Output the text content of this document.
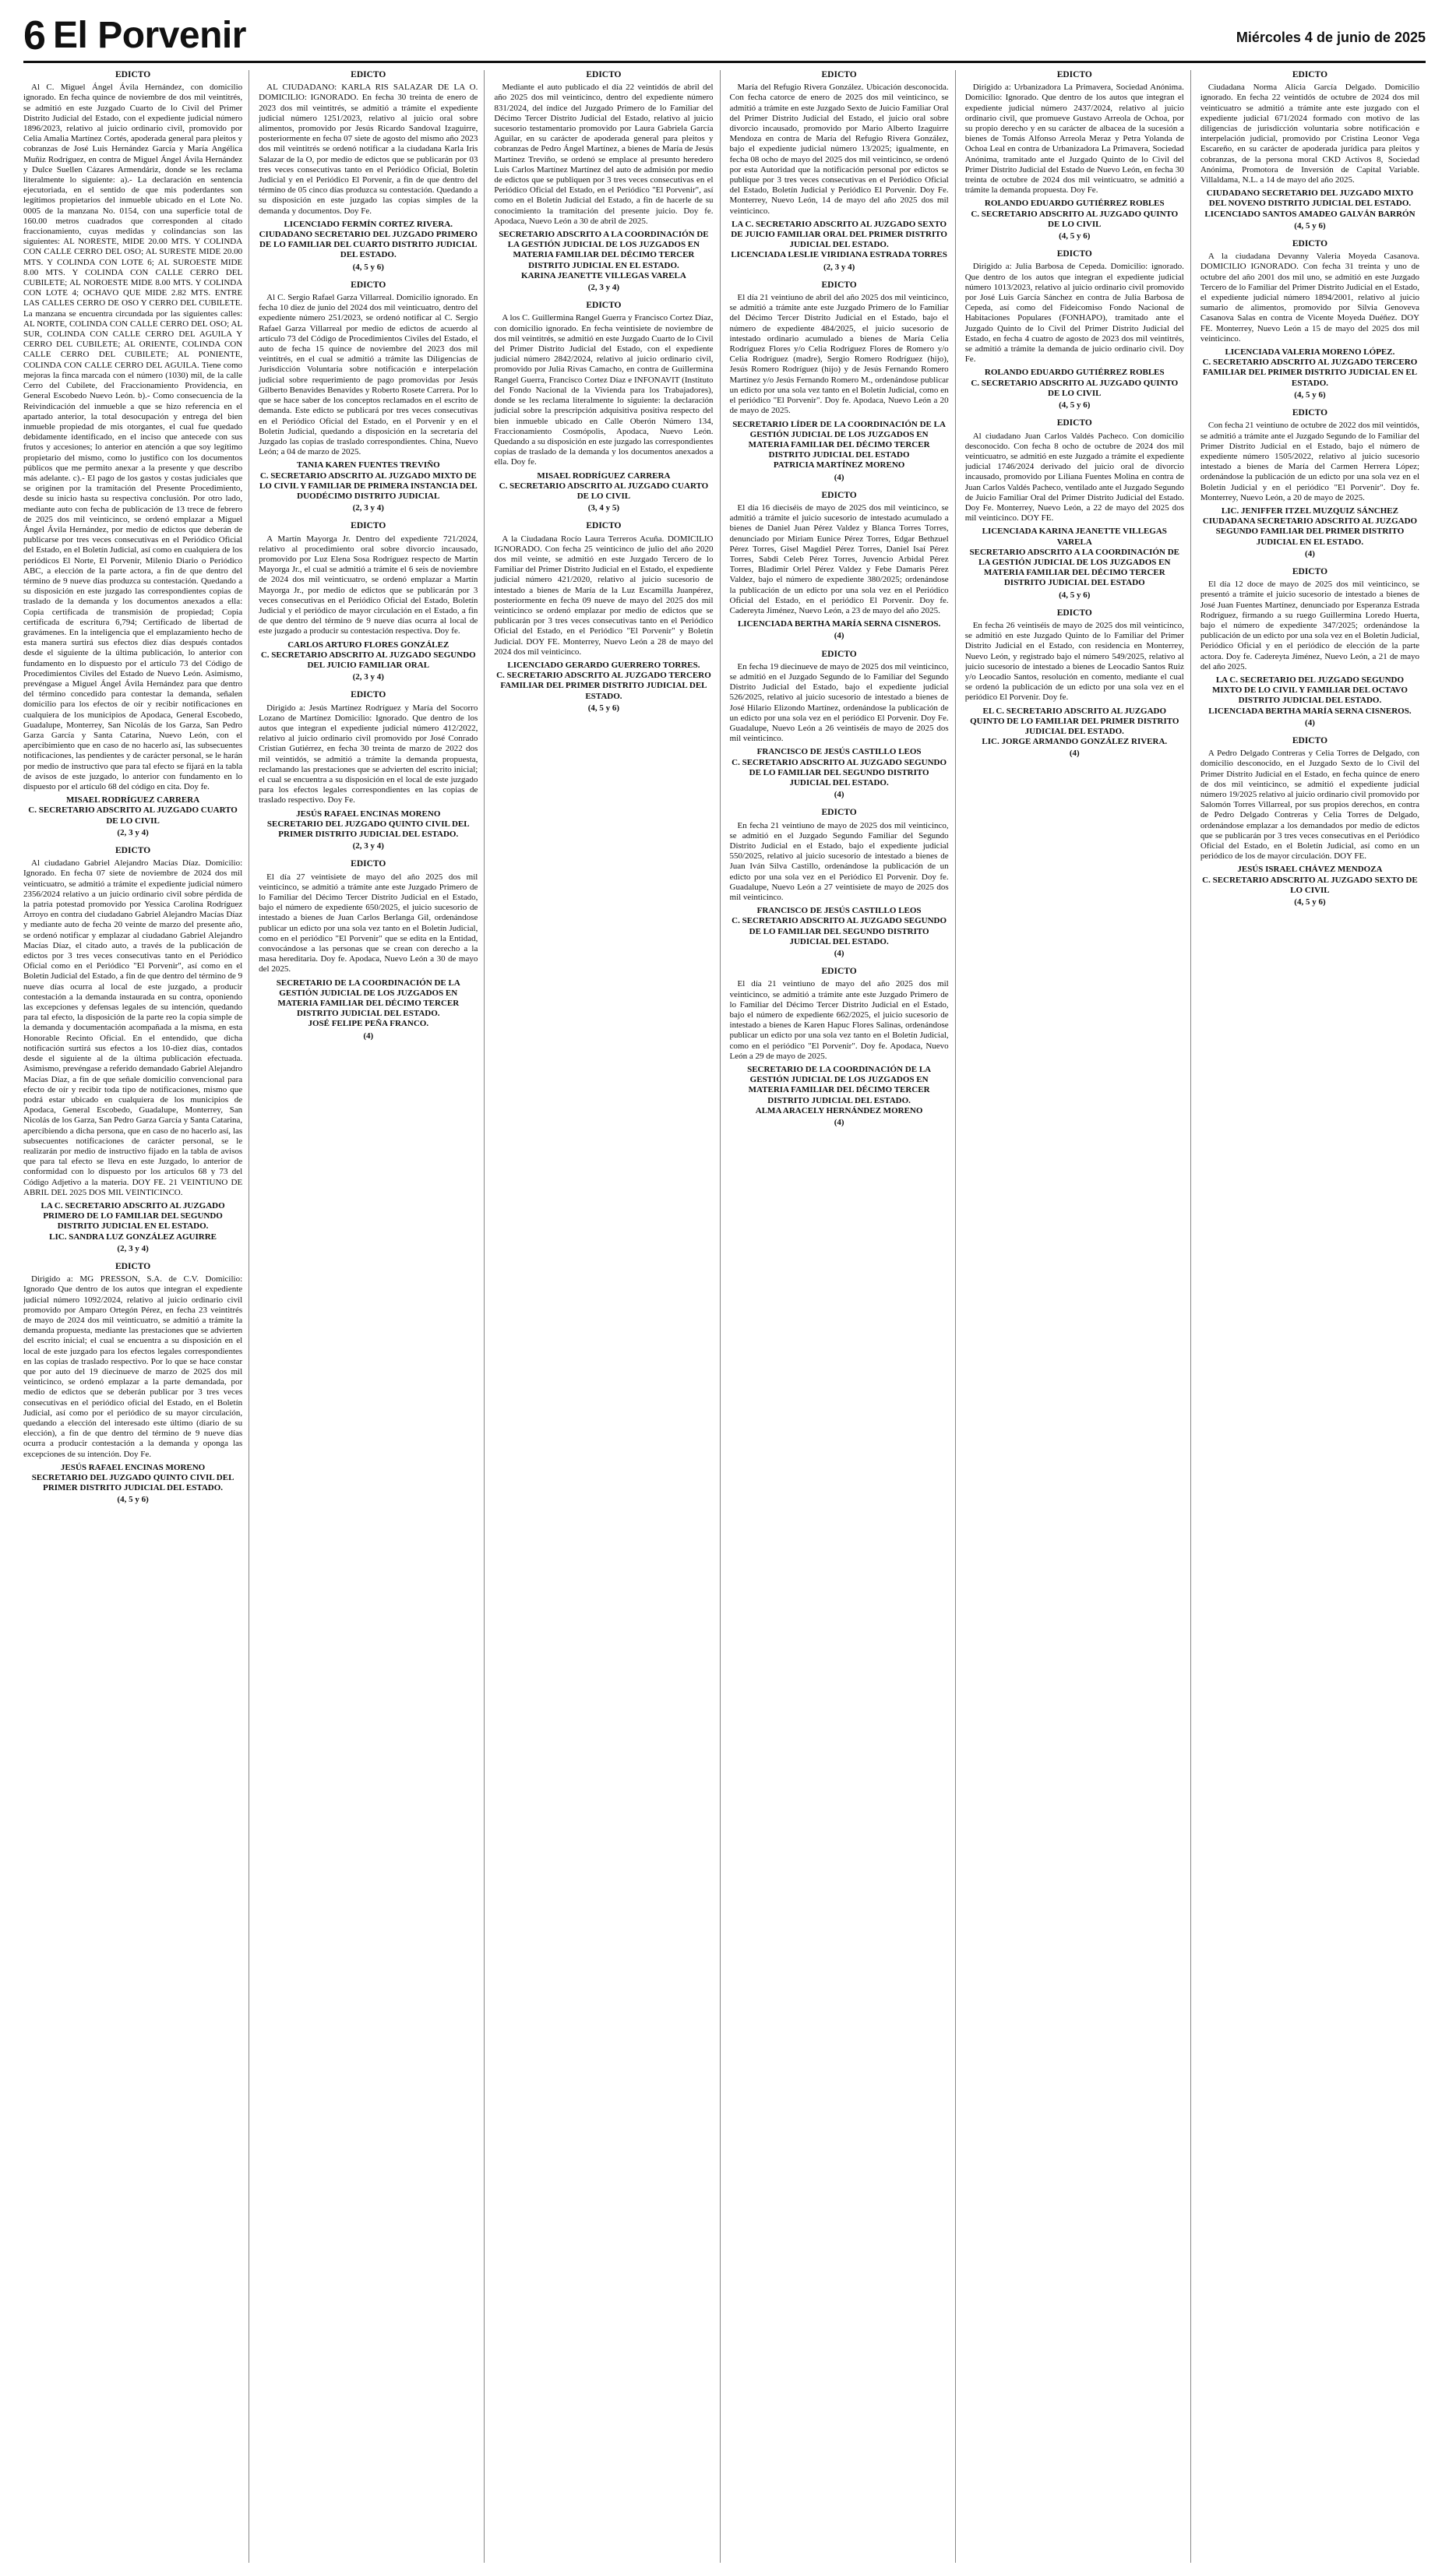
6 El Porvenir	Miércoles 4 de junio de 2025
EDICTO

Al C. Miguel Ángel Ávila Hernández, con domicilio ignorado. En fecha quince de noviembre de dos mil veintitrés, se admitió en este Juzgado Cuarto de lo Civil del Primer Distrito Judicial del Estado, con el expediente judicial número 1896/2023, relativo al juicio ordinario civil, promovido por Celia Amalia Martínez Cortés, apoderada general para pleitos y cobranzas de José Luis Hernández García y María Angélica Muñiz Rodríguez, en contra de Miguel Ángel Ávila Hernández y Dulce Suellen Cázares Armendáriz, donde se les reclama literalmente lo siguiente: a).- La declaración en sentencia ejecutoriada, en el sentido de que mis poderdantes son legítimos propietarios del inmueble ubicado en el Lote No. 0005 de la manzana No. 0154, con una superficie total de 160.00 metros cuadrados que corresponden al citado fraccionamiento, cuyas medidas y colindancias son las siguientes: AL NORESTE, MIDE 20.00 MTS. Y COLINDA CON CALLE CERRO DEL OSO; AL SURESTE MIDE 20.00 MTS. Y COLINDA CON LOTE 6; AL SUROESTE MIDE 8.00 MTS. Y COLINDA CON CALLE CERRO DEL CUBILETE; AL NOROESTE MIDE 8.00 MTS. Y COLINDA CON LOTE 4; OCHAVO QUE MIDE 2.82 MTS. ENTRE LAS CALLES CERRO DE OSO Y CERRO DEL CUBILETE. La manzana se encuentra circundada por las siguientes calles: AL NORTE, COLINDA CON CALLE CERRO DEL OSO; AL SUR, COLINDA CON CALLE CERRO DEL AGUILA Y CERRO DEL CUBILETE; AL ORIENTE, COLINDA CON CALLE CERRO DEL CUBILETE; AL PONIENTE, COLINDA CON CALLE CERRO DEL AGUILA. Tiene como mejoras la finca marcada con el número (1030) mil, de la calle Cerro del Cubilete, del Fraccionamiento Providencia, en General Escobedo Nuevo León. b).- Como consecuencia de la Reivindicación del inmueble a que se hizo referencia en el apartado anterior, la total desocupación y entrega del bien inmueble propiedad de mis otorgantes, el cual fue quedado debidamente identificado, en el inciso que antecede con sus frutos y accesiones; lo anterior en atención a que soy legítimo propietario del mismo, como lo justifico con los documentos públicos que me permito anexar a la presente y que describo más adelante. c).- El pago de los gastos y costas judiciales que se originen por la tramitación del Presente Procedimiento, desde su inicio hasta su respectiva conclusión. Por otro lado, mediante auto con fecha de publicación de 13 trece de febrero de 2025 dos mil veinticinco, se ordenó emplazar a Miguel Ángel Ávila Hernández, por medio de edictos que deberán de publicarse por tres veces consecutivas en el Periódico Oficial del Estado, en el Boletín Judicial, así como en cualquiera de los periódicos El Norte, El Porvenir, Milenio Diario o Periódico ABC, a elección de la parte actora, a fin de que dentro del término de 9 nueve días produzca su contestación. Quedando a su disposición en este juzgado las correspondientes copias de traslado de la demanda y los documentos anexados a ella: Copia certificada de transmisión de propiedad; Copia certificada de escritura 6,794; Certificado de libertad de gravámenes. En la inteligencia que el emplazamiento hecho de esta manera surtirá sus efectos diez días después contados desde el siguiente de la última publicación, lo anterior con fundamento en lo dispuesto por el artículo 73 del Código de Procedimientos Civiles del Estado de Nuevo León. Asimismo, prevéngase a Miguel Ángel Ávila Hernández para que dentro del término concedido para contestar la demanda, señalen domicilio para los efectos de oír y recibir notificaciones en cualquiera de los municipios de Apodaca, General Escobedo, Guadalupe, Monterrey, San Nicolás de los Garza, San Pedro Garza García y Santa Catarina, Nuevo León, con el apercibimiento que en caso de no hacerlo así, las subsecuentes notificaciones, las pendientes y de carácter personal, se le harán por medio de instructivo que para tal efecto se fijará en la tabla de avisos de este juzgado, lo anterior con fundamento en lo dispuesto por el artículo 68 del código en cita. Doy fe.

MISAEL RODRÍGUEZ CARRERA
C. SECRETARIO ADSCRITO AL JUZGADO CUARTO DE LO CIVIL

(2, 3 y 4)

EDICTO

Al ciudadano Gabriel Alejandro Macías Díaz. Domicilio: Ignorado. En fecha 07 siete de noviembre de 2024 dos mil veinticuatro, se admitió a trámite el expediente judicial número 2356/2024 relativo a un juicio ordinario civil sobre pérdida de la patria potestad promovido por Yessica Carolina Rodríguez Arroyo en contra del ciudadano Gabriel Alejandro Macías Díaz y mediante auto de fecha 20 veinte de marzo del presente año, se ordenó notificar y emplazar al ciudadano Gabriel Alejandro Macías Díaz, el citado auto, a través de la publicación de edictos por 3 tres veces consecutivas tanto en el Periódico Oficial como en el Periódico "El Porvenir", así como en el Boletín Judicial del Estado, a fin de que dentro del término de 9 nueve días ocurra al local de este juzgado, a producir contestación a la demanda instaurada en su contra, oponiendo las excepciones y defensas legales de su intención, quedando para tal efecto, la disposición de la parte reo la copia simple de la demanda y documentación acompañada a la misma, en esta Honorable Recinto Oficial. En el entendido, que dicha notificación surtirá sus efectos a los 10-diez días, contados desde el siguiente al de la última publicación efectuada. Asimismo, prevéngase a referido demandado Gabriel Alejandro Macías Díaz, a fin de que señale domicilio convencional para efecto de oír y recibir toda tipo de notificaciones, mismo que podrá estar ubicado en cualquiera de los municipios de Apodaca, General Escobedo, Guadalupe, Monterrey, San Nicolás de los Garza, San Pedro Garza García y Santa Catarina, apercibiendo a dicha persona, que en caso de no hacerlo así, las subsecuentes notificaciones de carácter personal, se le realizarán por medio de instructivo fijado en la tabla de avisos que para tal efecto se lleva en este Juzgado, lo anterior de conformidad con lo dispuesto por los artículos 68 y 73 del Código Adjetivo a la materia. DOY FE. 21 VEINTIUNO DE ABRIL DEL 2025 DOS MIL VEINTICINCO.

LA C. SECRETARIO ADSCRITO AL JUZGADO PRIMERO DE LO FAMILIAR DEL SEGUNDO DISTRITO JUDICIAL EN EL ESTADO.
LIC. SANDRA LUZ GONZÁLEZ AGUIRRE

(2, 3 y 4)

EDICTO

Dirigido a: MG PRESSON, S.A. de C.V. Domicilio: Ignorado Que dentro de los autos que integran el expediente judicial número 1092/2024, relativo al juicio ordinario civil promovido por Amparo Ortegón Pérez, en fecha 23 veintitrés de mayo de 2024 dos mil veinticuatro, se admitió a trámite la demanda propuesta, mediante las prestaciones que se advierten del escrito inicial; el cual se encuentra a su disposición en el local de este juzgado para los efectos legales correspondientes en las copias de traslado respectivo. Por lo que se hace constar que por auto del 19 diecinueve de marzo de 2025 dos mil veinticinco, se ordenó emplazar a la parte demandada, por medio de edictos que se deberán publicar por 3 tres veces consecutivas en el periódico oficial del Estado, en el Boletín Judicial, así como por el periódico de su mayor circulación, quedando a elección del interesado este último (diario de su elección), a fin de que dentro del término de 9 nueve días ocurra a producir contestación a la demanda y oponga las excepciones de su intención. Doy Fe.

JESÚS RAFAEL ENCINAS MORENO
SECRETARIO DEL JUZGADO QUINTO CIVIL DEL PRIMER DISTRITO JUDICIAL DEL ESTADO.

(4, 5 y 6)

EDICTO

AL CIUDADANO: KARLA RIS SALAZAR DE LA O. DOMICILIO: IGNORADO. En fecha 30 treinta de enero de 2023 dos mil veintitrés, se admitió a trámite el expediente judicial número 1251/2023, relativo al juicio oral sobre alimentos, promovido por Jesús Ricardo Sandoval Izaguirre, posteriormente en fecha 07 siete de agosto del mismo año 2023 dos mil veintitrés se ordenó notificar a la ciudadana Karla Iris Salazar de la O, por medio de edictos que se publicarán por 03 tres veces consecutivas tanto en el Periódico Oficial, Boletín Judicial y en el Periódico El Porvenir, a fin de que dentro del término de 05 cinco días produzca su contestación. Quedando a su disposición en este juzgado las copias simples de la demanda y documentos. Doy Fe.

LICENCIADO FERMÍN CORTEZ RIVERA.
CIUDADANO SECRETARIO DEL JUZGADO PRIMERO DE LO FAMILIAR DEL CUARTO DISTRITO JUDICIAL DEL ESTADO.

(4, 5 y 6)

EDICTO

Al C. Sergio Rafael Garza Villarreal. Domicilio ignorado. En fecha 10 diez de junio del 2024 dos mil veinticuatro, dentro del expediente número 251/2023, se ordenó notificar al C. Sergio Rafael Garza Villarreal por medio de edictos de acuerdo al artículo 73 del Código de Procedimientos Civiles del Estado, el auto de fecha 15 quince de noviembre del 2023 dos mil veintitrés, en el cual se admitió a trámite las Diligencias de Jurisdicción Voluntaria sobre notificación e interpelación judicial sobre requerimiento de pago promovidas por Jesús Gilberto Benavides Benavides y Roberto Rosete Carrera. Por lo que se hace saber de los conceptos reclamados en el escrito de demanda. Este edicto se publicará por tres veces consecutivas en el Periódico Oficial del Estado, en el Porvenir y en el Boletín Judicial, quedando a disposición en la secretaría del Juzgado las copias de traslado correspondientes. China, Nuevo León; a 04 de marzo de 2025.

TANIA KAREN FUENTES TREVIÑO
C. SECRETARIO ADSCRITO AL JUZGADO MIXTO DE LO CIVIL Y FAMILIAR DE PRIMERA INSTANCIA DEL DUODÉCIMO DISTRITO JUDICIAL

(2, 3 y 4)

EDICTO

A Martín Mayorga Jr. Dentro del expediente 721/2024, relativo al procedimiento oral sobre divorcio incausado, promovido por Luz Elena Sosa Rodríguez respecto de Martín Mayorga Jr., el cual se admitió a trámite el 6 seis de noviembre de 2024 dos mil veinticuatro, se ordenó emplazar a Martín Mayorga Jr., por medio de edictos que se publicarán por 3 veces consecutivas en el Periódico Oficial del Estado, Boletín Judicial y el periódico de mayor circulación en el Estado, a fin de que dentro del término de 9 nueve días ocurra al local de este juzgado a producir su contestación respectiva. Doy fe.

CARLOS ARTURO FLORES GONZÁLEZ
C. SECRETARIO ADSCRITO AL JUZGADO SEGUNDO DEL JUICIO FAMILIAR ORAL

(2, 3 y 4)

EDICTO

Dirigido a: Jesús Martínez Rodríguez y María del Socorro Lozano de Martínez Domicilio: Ignorado. Que dentro de los autos que integran el expediente judicial número 412/2022, relativo al juicio ordinario civil promovido por José Conrado Cristian Gutiérrez, en fecha 30 treinta de marzo de 2022 dos mil veintidós, se admitió a trámite la demanda propuesta, reclamando las prestaciones que se advierten del escrito inicial; el cual se encuentra a su disposición en el local de este juzgado para los efectos legales correspondientes en las copias de traslado respectivo. Doy Fe.

JESÚS RAFAEL ENCINAS MORENO
SECRETARIO DEL JUZGADO QUINTO CIVIL DEL PRIMER DISTRITO JUDICIAL DEL ESTADO.

(2, 3 y 4)

EDICTO

El día 27 veintisiete de mayo del año 2025 dos mil veinticinco, se admitió a trámite ante este Juzgado Primero de lo Familiar del Décimo Tercer Distrito Judicial en el Estado, bajo el número de expediente 650/2025, el juicio sucesorio de intestado a bienes de Juan Carlos Berlanga Gil, ordenándose publicar un edicto por una sola vez tanto en el Boletín Judicial, como en el periódico "El Porvenir" que se edita en la Entidad, convocándose a las personas que se crean con derecho a la masa hereditaria. Doy fe. Apodaca, Nuevo León a 30 de mayo del 2025.

SECRETARIO DE LA COORDINACIÓN DE LA GESTIÓN JUDICIAL DE LOS JUZGADOS EN MATERIA FAMILIAR DEL DÉCIMO TERCER DISTRITO JUDICIAL DEL ESTADO.
JOSÉ FELIPE PEÑA FRANCO.

(4)

EDICTO

Mediante el auto publicado el día 22 veintidós de abril del año 2025 dos mil veinticinco, dentro del expediente número 831/2024, del índice del Juzgado Primero de lo Familiar del Décimo Tercer Distrito Judicial del Estado, relativo al juicio sucesorio testamentario promovido por Laura Gabriela García Aguilar, en su carácter de apoderada general para pleitos y cobranzas de Pedro Ángel Martínez, a bienes de María de Jesús Martínez Treviño, se ordenó se emplace al presunto heredero Luis Carlos Martínez Martínez del auto de admisión por medio de edictos que se publiquen por 3 tres veces consecutivas en el Periódico Oficial del Estado, en el Periódico "El Porvenir", así como en el Boletín Judicial del Estado, a fin de hacerle de su conocimiento la tramitación del presente juicio. Doy fe. Apodaca, Nuevo León a 30 de abril de 2025.

SECRETARIO ADSCRITO A LA COORDINACIÓN DE LA GESTIÓN JUDICIAL DE LOS JUZGADOS EN MATERIA FAMILIAR DEL DÉCIMO TERCER DISTRITO JUDICIAL EN EL ESTADO.
KARINA JEANETTE VILLEGAS VARELA

(2, 3 y 4)

EDICTO

A los C. Guillermina Rangel Guerra y Francisco Cortez Díaz, con domicilio ignorado. En fecha veintisiete de noviembre de dos mil veintitrés, se admitió en este Juzgado Cuarto de lo Civil del Primer Distrito Judicial del Estado, con el expediente judicial número 2842/2024, relativo al juicio ordinario civil, promovido por Julia Rivas Camacho, en contra de Guillermina Rangel Guerra, Francisco Cortez Díaz e INFONAVIT (Instituto del Fondo Nacional de la Vivienda para los Trabajadores), donde se les reclama literalmente lo siguiente: la declaración judicial sobre la prescripción adquisitiva positiva respecto del bien inmueble ubicado en Calle Oberón Número 134, Fraccionamiento Cosmópolis, Apodaca, Nuevo León. Quedando a su disposición en este juzgado las correspondientes copias de traslado de la demanda y los documentos anexados a ella. Doy fe.

MISAEL RODRÍGUEZ CARRERA
C. SECRETARIO ADSCRITO AL JUZGADO CUARTO DE LO CIVIL

(3, 4 y 5)

EDICTO

A la Ciudadana Rocío Laura Terreros Acuña. DOMICILIO IGNORADO. Con fecha 25 veinticinco de julio del año 2020 dos mil veinte, se admitió en este Juzgado Tercero de lo Familiar del Primer Distrito Judicial en el Estado, el expediente judicial número 421/2020, relativo al juicio sucesorio de intestado a bienes de María de la Luz Escamilla Juanpérez, posteriormente en fecha 09 nueve de mayo del 2025 dos mil veinticinco se ordenó emplazar por medio de edictos que se publicarán por 3 tres veces consecutivas tanto en el Periódico Oficial del Estado, en el Periódico "El Porvenir" y Boletín Judicial. DOY FE. Monterrey, Nuevo León a 28 de mayo del 2024 dos mil veinticinco.

LICENCIADO GERARDO GUERRERO TORRES.
C. SECRETARIO ADSCRITO AL JUZGADO TERCERO FAMILIAR DEL PRIMER DISTRITO JUDICIAL DEL ESTADO.

(4, 5 y 6)

EDICTO

María del Refugio Rivera González. Ubicación desconocida. Con fecha catorce de enero de 2025 dos mil veinticinco, se admitió a trámite en este Juzgado Sexto de Juicio Familiar Oral del Primer Distrito Judicial del Estado, el juicio oral sobre divorcio incausado, promovido por Mario Alberto Izaguirre Mendoza en contra de María del Refugio Rivera González, bajo el expediente judicial número 13/2025; igualmente, en fecha 08 ocho de mayo del 2025 dos mil veinticinco, se ordenó por esta Autoridad que la notificación personal por edictos se publique por 3 tres veces consecutivas en el Periódico Oficial del Estado, Boletín Judicial y Periódico El Porvenir. Doy Fe. Monterrey, Nuevo León, 14 de mayo del año 2025 dos mil veinticinco.

LA C. SECRETARIO ADSCRITO AL JUZGADO SEXTO DE JUICIO FAMILIAR ORAL DEL PRIMER DISTRITO JUDICIAL DEL ESTADO.
LICENCIADA LESLIE VIRIDIANA ESTRADA TORRES

(2, 3 y 4)

EDICTO

El día 21 veintiuno de abril del año 2025 dos mil veinticinco, se admitió a trámite ante este Juzgado Primero de lo Familiar del Décimo Tercer Distrito Judicial en el Estado, bajo el número de expediente 484/2025, el juicio sucesorio de intestado ordinario acumulado a bienes de María Celia Rodríguez Flores y/o Celia Rodríguez Flores de Romero y/o Celia Rodríguez (madre), Sergio Romero Rodríguez (hijo), Jesús Romero Rodríguez (hijo) y de Jesús Fernando Romero Martínez y/o Jesús Fernando Romero M., ordenándose publicar un edicto por una sola vez tanto en el Boletín Judicial, como en el periódico "El Porvenir". Doy fe. Apodaca, Nuevo León a 20 de mayo de 2025.

SECRETARIO LÍDER DE LA COORDINACIÓN DE LA GESTIÓN JUDICIAL DE LOS JUZGADOS EN MATERIA FAMILIAR DEL DÉCIMO TERCER DISTRITO JUDICIAL DEL ESTADO
PATRICIA MARTÍNEZ MORENO

(4)

EDICTO

El día 16 dieciséis de mayo de 2025 dos mil veinticinco, se admitió a trámite el juicio sucesorio de intestado acumulado a bienes de Daniel Juan Pérez Valdez y Blanca Torres Torres, denunciado por Miriam Eunice Pérez Torres, Edgar Bethzuel Pérez Torres, Gisel Magdiel Pérez Torres, Daniel Isaí Pérez Torres, Sabdi Celeb Pérez Torres, Juvencio Arbidal Pérez Torres, Bladimir Orlel Pérez Valdez y Febe Damaris Pérez Valdez, bajo el número de expediente 380/2025; ordenándose la publicación de un edicto por una sola vez en el Periódico Oficial del Estado, en el periódico El Porvenir. Doy fe. Cadereyta Jiménez, Nuevo León, a 23 de mayo del año 2025.

LICENCIADA BERTHA MARÍA SERNA CISNEROS.

(4)

EDICTO

En fecha 19 diecinueve de mayo de 2025 dos mil veinticinco, se admitió en el Juzgado Segundo de lo Familiar del Segundo Distrito Judicial del Estado, bajo el expediente judicial 526/2025, relativo al juicio sucesorio de intestado a bienes de José Hilario Elizondo Martínez, ordenándose la publicación de un edicto por una sola vez en el periódico El Porvenir. Doy Fe. Guadalupe, Nuevo León a 26 veintiséis de mayo de 2025 dos mil veinticinco.

FRANCISCO DE JESÚS CASTILLO LEOS
C. SECRETARIO ADSCRITO AL JUZGADO SEGUNDO DE LO FAMILIAR DEL SEGUNDO DISTRITO JUDICIAL DEL ESTADO.

(4)

EDICTO

En fecha 21 veintiuno de mayo de 2025 dos mil veinticinco, se admitió en el Juzgado Segundo Familiar del Segundo Distrito Judicial en el Estado, bajo el expediente judicial 550/2025, relativo al juicio sucesorio de intestado a bienes de Juan Iván Silva Castillo, ordenándose la publicación de un edicto por una sola vez en el Periódico El Porvenir. Doy fe. Guadalupe, Nuevo León a 27 veintisiete de mayo de 2025 dos mil veinticinco.

FRANCISCO DE JESÚS CASTILLO LEOS
C. SECRETARIO ADSCRITO AL JUZGADO SEGUNDO DE LO FAMILIAR DEL SEGUNDO DISTRITO JUDICIAL DEL ESTADO.

(4)

EDICTO

El día 21 veintiuno de mayo del año 2025 dos mil veinticinco, se admitió a trámite ante este Juzgado Primero de lo Familiar del Décimo Tercer Distrito Judicial en el Estado, bajo el número de expediente 662/2025, el juicio sucesorio de intestado a bienes de Karen Hapuc Flores Salinas, ordenándose publicar un edicto por una sola vez tanto en el Boletín Judicial, como en el periódico "El Porvenir". Doy fe. Apodaca, Nuevo León a 29 de mayo de 2025.

SECRETARIO DE LA COORDINACIÓN DE LA GESTIÓN JUDICIAL DE LOS JUZGADOS EN MATERIA FAMILIAR DEL DÉCIMO TERCER DISTRITO JUDICIAL DEL ESTADO.
ALMA ARACELY HERNÁNDEZ MORENO

(4)

EDICTO

Dirigido a: Urbanizadora La Primavera, Sociedad Anónima. Domicilio: Ignorado. Que dentro de los autos que integran el expediente judicial número 2437/2024, relativo al juicio ordinario civil, que promueve Gustavo Arreola de Ochoa, por su propio derecho y en su carácter de albacea de la sucesión a bienes de Tomás Alfonso Arreola Meraz y Petra Yolanda de Ochoa Leal en contra de Urbanizadora La Primavera, Sociedad Anónima, tramitado ante el Juzgado Quinto de lo Civil del Primer Distrito Judicial del Estado de Nuevo León, en fecha 30 treinta de octubre de 2024 dos mil veinticuatro, se admitió a trámite la demanda propuesta. Doy Fe.

ROLANDO EDUARDO GUTIÉRREZ ROBLES
C. SECRETARIO ADSCRITO AL JUZGADO QUINTO DE LO CIVIL

(4, 5 y 6)

EDICTO

Dirigido a: Julia Barbosa de Cepeda. Domicilio: ignorado. Que dentro de los autos que integran el expediente judicial número 1013/2023, relativo al juicio ordinario civil promovido por José Luis García Sánchez en contra de Julia Barbosa de Cepeda, así como del Fideicomiso Fondo Nacional de Habitaciones Populares (FONHAPO), tramitado ante el Juzgado Quinto de lo Civil del Primer Distrito Judicial del Estado, en fecha 4 cuatro de agosto de 2023 dos mil veintitrés, se admitió a trámite la demanda de juicio ordinario civil. Doy Fe.

ROLANDO EDUARDO GUTIÉRREZ ROBLES
C. SECRETARIO ADSCRITO AL JUZGADO QUINTO DE LO CIVIL

(4, 5 y 6)

EDICTO

Al ciudadano Juan Carlos Valdés Pacheco. Con domicilio desconocido. Con fecha 8 ocho de octubre de 2024 dos mil veinticuatro, se admitió en este Juzgado a trámite el expediente judicial 1746/2024 derivado del juicio oral de divorcio incausado, promovido por Liliana Fuentes Molina en contra de Juan Carlos Valdés Pacheco, ventilado ante el Juzgado Segundo de Juicio Familiar Oral del Primer Distrito Judicial del Estado. Doy Fe. Monterrey, Nuevo León, a 22 de mayo del 2025 dos mil veinticinco. DOY FE.

LICENCIADA KARINA JEANETTE VILLEGAS VARELA
SECRETARIO ADSCRITO A LA COORDINACIÓN DE LA GESTIÓN JUDICIAL DE LOS JUZGADOS EN MATERIA FAMILIAR DEL DÉCIMO TERCER DISTRITO JUDICIAL DEL ESTADO

(4, 5 y 6)

EDICTO

En fecha 26 veintiséis de mayo de 2025 dos mil veinticinco, se admitió en este Juzgado Quinto de lo Familiar del Primer Distrito Judicial en el Estado, con residencia en Monterrey, Nuevo León, y registrado bajo el número 549/2025, relativo al juicio sucesorio de intestado a bienes de Leocadio Santos Ruiz y/o Leocadio Santos, resolución en comento, mediante el cual se ordenó la publicación de un edicto por una sola vez en el periódico El Porvenir. Doy fe.

EL C. SECRETARIO ADSCRITO AL JUZGADO QUINTO DE LO FAMILIAR DEL PRIMER DISTRITO JUDICIAL DEL ESTADO.
LIC. JORGE ARMANDO GONZÁLEZ RIVERA.

(4)

EDICTO

Ciudadana Norma Alicia García Delgado. Domicilio ignorado. En fecha 22 veintidós de octubre de 2024 dos mil veinticuatro se admitió a trámite ante este juzgado con el expediente judicial 671/2024 formado con motivo de las diligencias de jurisdicción voluntaria sobre notificación e interpelación judicial, promovido por Cristina Leonor Vega Escareño, en su carácter de apoderada jurídica para pleitos y cobranzas, de la persona moral CKD Activos 8, Sociedad Anónima, Promotora de Inversión de Capital Variable. Villaldama, N.L. a 14 de mayo del año 2025.

CIUDADANO SECRETARIO DEL JUZGADO MIXTO DEL NOVENO DISTRITO JUDICIAL DEL ESTADO.
LICENCIADO SANTOS AMADEO GALVÁN BARRÓN

(4, 5 y 6)

EDICTO

A la ciudadana Devanny Valeria Moyeda Casanova. DOMICILIO IGNORADO. Con fecha 31 treinta y uno de octubre del año 2001 dos mil uno, se admitió en este Juzgado Tercero de lo Familiar del Primer Distrito Judicial en el Estado, el expediente judicial número 1894/2001, relativo al juicio sumario de alimentos, promovido por Silvia Genoveva Casanova Salas en contra de Vicente Moyeda Duéñez. DOY FE. Monterrey, Nuevo León a 15 de mayo del 2025 dos mil veinticinco.

LICENCIADA VALERIA MORENO LÓPEZ.
C. SECRETARIO ADSCRITO AL JUZGADO TERCERO FAMILIAR DEL PRIMER DISTRITO JUDICIAL EN EL ESTADO.

(4, 5 y 6)

EDICTO

Con fecha 21 veintiuno de octubre de 2022 dos mil veintidós, se admitió a trámite ante el Juzgado Segundo de lo Familiar del Primer Distrito Judicial en el Estado, bajo el número de expediente número 1505/2022, relativo al juicio sucesorio intestado a bienes de María del Carmen Herrera López; ordenándose la publicación de un edicto por una sola vez en el Boletín Judicial y en el periódico "El Porvenir". Doy fe. Monterrey, Nuevo León, a 20 de mayo de 2025.

LIC. JENIFFER ITZEL MUZQUIZ SÁNCHEZ
CIUDADANA SECRETARIO ADSCRITO AL JUZGADO SEGUNDO FAMILIAR DEL PRIMER DISTRITO JUDICIAL EN EL ESTADO.

(4)

EDICTO

El día 12 doce de mayo de 2025 dos mil veinticinco, se presentó a trámite el juicio sucesorio de intestado a bienes de José Juan Fuentes Martínez, denunciado por Esperanza Estrada Rodríguez, firmando a su ruego Guillermina Loredo Huerta, bajo el número de expediente 347/2025; ordenándose la publicación de un edicto por una sola vez en el Boletín Judicial, Periódico Oficial y en el periódico de elección de la parte actora. Doy fe. Cadereyta Jiménez, Nuevo León, a 21 de mayo del año 2025.

LA C. SECRETARIO DEL JUZGADO SEGUNDO MIXTO DE LO CIVIL Y FAMILIAR DEL OCTAVO DISTRITO JUDICIAL DEL ESTADO.
LICENCIADA BERTHA MARÍA SERNA CISNEROS.

(4)

EDICTO

A Pedro Delgado Contreras y Celia Torres de Delgado, con domicilio desconocido, en el Juzgado Sexto de lo Civil del Primer Distrito Judicial en el Estado, en fecha quince de enero de dos mil veinticinco, se admitió el expediente judicial número 19/2025 relativo al juicio ordinario civil promovido por Salomón Torres Villarreal, por sus propios derechos, en contra de Pedro Delgado Contreras y Celia Torres de Delgado, ordenándose emplazar a los demandados por medio de edictos que se publicarán por 3 tres veces consecutivas en el Periódico Oficial del Estado, en el Boletín Judicial, así como en un periódico de los de mayor circulación. DOY FE.

JESÚS ISRAEL CHÁVEZ MENDOZA
C. SECRETARIO ADSCRITO AL JUZGADO SEXTO DE LO CIVIL

(4, 5 y 6)
